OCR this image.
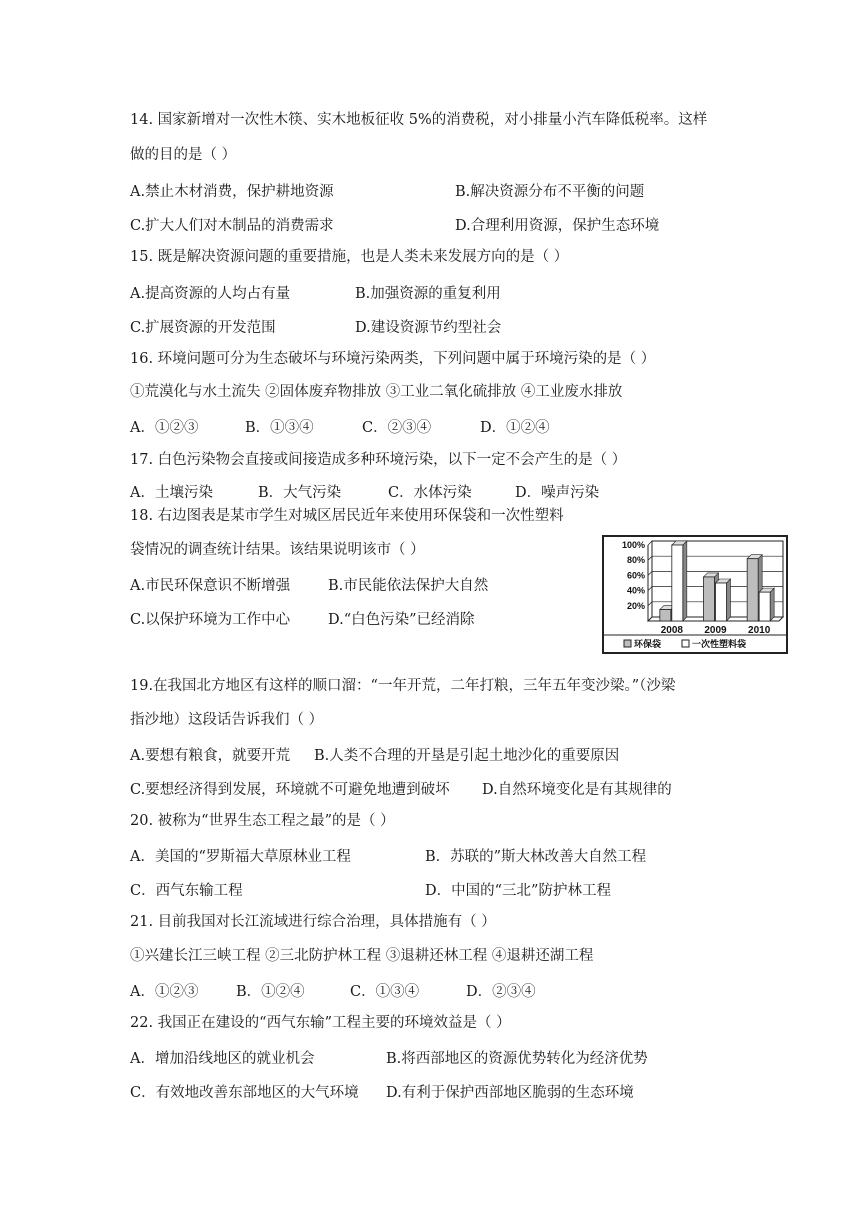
14. 国家新增对一次性木筷、实木地板征收 5%的消费税，对小排量小汽车降低税率。这样
做的目的是（ ）
A.禁止木材消费，保护耕地资源	B.解决资源分布不平衡的问题
C.扩大人们对木制品的消费需求	D.合理利用资源，保护生态环境
15. 既是解决资源问题的重要措施，也是人类未来发展方向的是（ ）
A.提高资源的人均占有量	B.加强资源的重复利用
C.扩展资源的开发范围	D.建设资源节约型社会
16. 环境问题可分为生态破坏与环境污染两类，下列问题中属于环境污染的是（ ）
①荒漠化与水土流失 ②固体废弃物排放 ③工业二氧化硫排放 ④工业废水排放
A．①②③	B．①③④	C．②③④	D．①②④
17. 白色污染物会直接或间接造成多种环境污染，以下一定不会产生的是（ ）
A．土壤污染	B．大气污染	C．水体污染	D．噪声污染
18. 右边图表是某市学生对城区居民近年来使用环保袋和一次性塑料
袋情况的调查统计结果。该结果说明该市（ ）
A.市民环保意识不断增强	B.市民能依法保护大自然
C.以保护环境为工作中心	D.“白色污染”已经消除
100%
80%
60%
40%
20%
2008 2009 2010
环保袋	一次性塑料袋
19.在我国北方地区有这样的顺口溜：“一年开荒，二年打粮，三年五年变沙梁。”（沙梁
指沙地）这段话告诉我们（ ）
A.要想有粮食，就要开荒 B.人类不合理的开垦是引起土地沙化的重要原因
C.要想经济得到发展，环境就不可避免地遭到破坏 D.自然环境变化是有其规律的
20. 被称为“世界生态工程之最”的是（ ）
A．美国的“罗斯福大草原林业工程	B．苏联的”斯大林改善大自然工程
C．西气东输工程	D．中国的“三北”防护林工程
21. 目前我国对长江流域进行综合治理，具体措施有（ ）
①兴建长江三峡工程 ②三北防护林工程 ③退耕还林工程 ④退耕还湖工程
A．①②③	B．①②④	C．①③④	D．②③④
22. 我国正在建设的“西气东输”工程主要的环境效益是（ ）
A．增加沿线地区的就业机会	B.将西部地区的资源优势转化为经济优势
C．有效地改善东部地区的大气环境 D.有利于保护西部地区脆弱的生态环境
